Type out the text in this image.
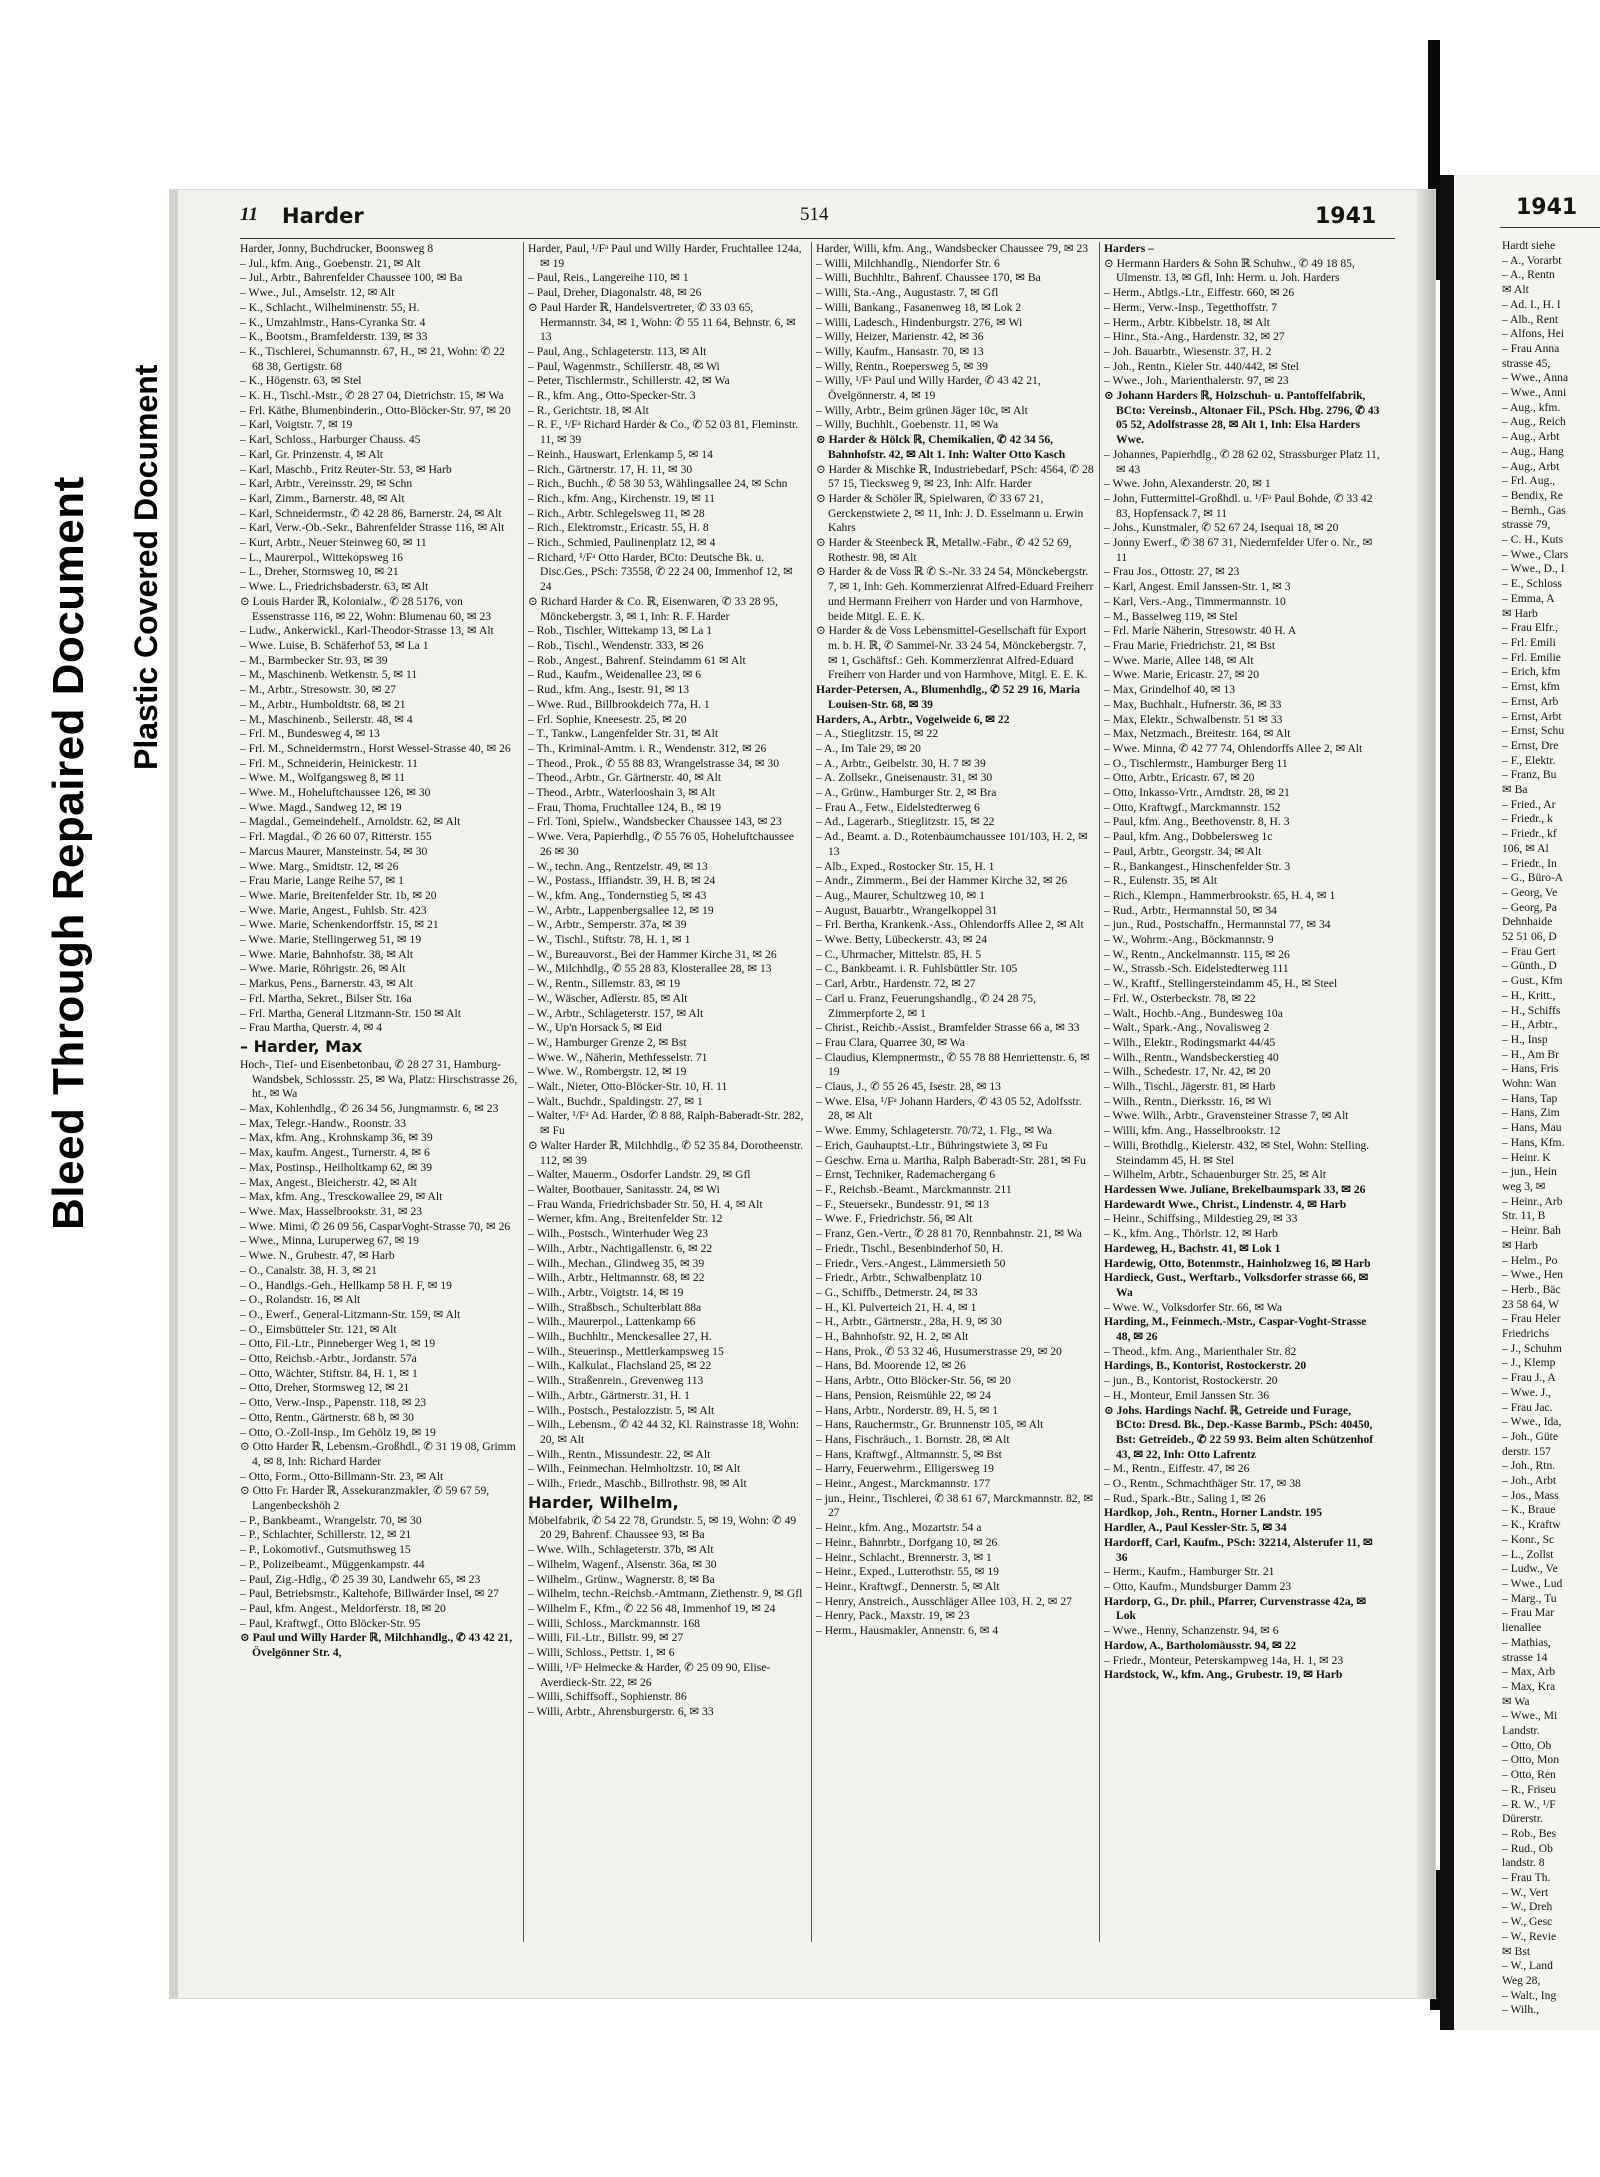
Bleed Through Repaired Document Plastic Covered Document
11 Harder	514	1941

Harder, Jonny, Buchdrucker, Boonsweg 8

– Jul., kfm. Ang., Goebenstr. 21, ✉ Alt

– Jul., Arbtr., Bahrenfelder Chaussee 100, ✉ Ba

– Wwe., Jul., Amselstr. 12, ✉ Alt

– K., Schlacht., Wilhelminenstr. 55, H.

– K., Umzahlmstr., Hans-Cyranka Str. 4

– K., Bootsm., Bramfelderstr. 139, ✉ 33

– K., Tischlerei, Schumannstr. 67, H., ✉ 21, Wohn: ✆ 22 68 38, Gertigstr. 68

– K., Högenstr. 63, ✉ Stel

– K. H., Tischl.-Mstr., ✆ 28 27 04, Dietrichstr. 15, ✉ Wa

– Frl. Käthe, Blumenbinderin., Otto-Blöcker-Str. 97, ✉ 20

– Karl, Voigtstr. 7, ✉ 19

– Karl, Schloss., Harburger Chauss. 45

– Karl, Gr. Prinzenstr. 4, ✉ Alt

– Karl, Maschb., Fritz Reuter-Str. 53, ✉ Harb

– Karl, Arbtr., Vereinsstr. 29, ✉ Schn

– Karl, Zimm., Barnerstr. 48, ✉ Alt

– Karl, Schneidermstr., ✆ 42 28 86, Barnerstr. 24, ✉ Alt

– Karl, Verw.-Ob.-Sekr., Bahrenfelder Strasse 116, ✉ Alt

– Kurt, Arbtr., Neuer Steinweg 60, ✉ 11

– L., Maurerpol., Wittekopsweg 16

– L., Dreher, Stormsweg 10, ✉ 21

– Wwe. L., Friedrichsbaderstr. 63, ✉ Alt

⊙ Louis Harder ℝ, Kolonialw., ✆ 28 5176, von Essenstrasse 116, ✉ 22, Wohn: Blumenau 60, ✉ 23

– Ludw., Ankerwickl., Karl-Theodor-Strasse 13, ✉ Alt

– Wwe. Luise, B. Schäferhof 53, ✉ La 1

– M., Barmbecker Str. 93, ✉ 39

– M., Maschinenb. Wetkenstr. 5, ✉ 11

– M., Arbtr., Stresowstr. 30, ✉ 27

– M., Arbtr., Humboldtstr. 68, ✉ 21

– M., Maschinenb., Seilerstr. 48, ✉ 4

– Frl. M., Bundesweg 4, ✉ 13

– Frl. M., Schneidermstrn., Horst Wessel-Strasse 40, ✉ 26

– Frl. M., Schneiderin, Heinickestr. 11

– Wwe. M., Wolfgangsweg 8, ✉ 11

– Wwe. M., Hoheluftchaussee 126, ✉ 30

– Wwe. Magd., Sandweg 12, ✉ 19

– Magdal., Gemeindehelf., Arnoldstr. 62, ✉ Alt

– Frl. Magdal., ✆ 26 60 07, Ritterstr. 155

– Marcus Maurer, Mansteinstr. 54, ✉ 30

– Wwe. Marg., Smidtstr. 12, ✉ 26

– Frau Marie, Lange Reihe 57, ✉ 1

– Wwe. Marie, Breitenfelder Str. 1b, ✉ 20

– Wwe. Marie, Angest., Fuhlsb. Str. 423

– Wwe. Marie, Schenkendorffstr. 15, ✉ 21

– Wwe. Marie, Stellingerweg 51, ✉ 19

– Wwe. Marie, Bahnhofstr. 38, ✉ Alt

– Wwe. Marie, Röhrigstr. 26, ✉ Alt

– Markus, Pens., Barnerstr. 43, ✉ Alt

– Frl. Martha, Sekret., Bilser Str. 16a

– Frl. Martha, General Litzmann-Str. 150 ✉ Alt

– Frau Martha, Querstr. 4, ✉ 4

– Harder, Max

Hoch-, Tief- und Eisenbetonbau, ✆ 28 27 31, Hamburg-Wandsbek, Schlossstr. 25, ✉ Wa, Platz: Hirschstrasse 26, ht., ✉ Wa

– Max, Kohlenhdlg., ✆ 26 34 56, Jungmannstr. 6, ✉ 23

– Max, Telegr.-Handw., Roonstr. 33

– Max, kfm. Ang., Krohnskamp 36, ✉ 39

– Max, kaufm. Angest., Turnerstr. 4, ✉ 6

– Max, Postinsp., Heilholtkamp 62, ✉ 39

– Max, Angest., Bleicherstr. 42, ✉ Alt

– Max, kfm. Ang., Tresckowallee 29, ✉ Alt

– Wwe. Max, Hasselbrookstr. 31, ✉ 23

– Wwe. Mimi, ✆ 26 09 56, CasparVoght-Strasse 70, ✉ 26

– Wwe., Minna, Luruperweg 67, ✉ 19

– Wwe. N., Grubestr. 47, ✉ Harb

– O., Canalstr. 38, H. 3, ✉ 21

– O., Handlgs.-Geh., Hellkamp 58 H. F, ✉ 19

– O., Rolandstr. 16, ✉ Alt

– O., Ewerf., General-Litzmann-Str. 159, ✉ Alt

– O., Eimsbütteler Str. 121, ✉ Alt

– Otto, Fil.-Ltr., Pinneberger Weg 1, ✉ 19

– Otto, Reichsb.-Arbtr., Jordanstr. 57a

– Otto, Wächter, Stiftstr. 84, H. 1, ✉ 1

– Otto, Dreher, Stormsweg 12, ✉ 21

– Otto, Verw.-Insp., Papenstr. 118, ✉ 23

– Otto, Rentn., Gärtnerstr. 68 b, ✉ 30

– Otto, O.-Zoll-Insp., Im Gehölz 19, ✉ 19

⊙ Otto Harder ℝ, Lebensm.-Großhdl., ✆ 31 19 08, Grimm 4, ✉ 8, Inh: Richard Harder

– Otto, Form., Otto-Billmann-Str. 23, ✉ Alt

⊙ Otto Fr. Harder ℝ, Assekuranzmakler, ✆ 59 67 59, Langenbeckshöh 2

– P., Bankbeamt., Wrangelstr. 70, ✉ 30

– P., Schlachter, Schillerstr. 12, ✉ 21

– P., Lokomotivf., Gutsmuthsweg 15

– P., Polizeibeamt., Müggenkampstr. 44

– Paul, Zig.-Hdlg., ✆ 25 39 30, Landwehr 65, ✉ 23

– Paul, Betriebsmstr., Kaltehofe, Billwärder Insel, ✉ 27

– Paul, kfm. Angest., Meldorferstr. 18, ✉ 20

– Paul, Kraftwgf., Otto Blöcker-Str. 95

⊙ Paul und Willy Harder ℝ, Milchhandlg., ✆ 43 42 21, Övelgönner Str. 4,

Harder, Paul, ¹/Fᵃ Paul und Willy Harder, Fruchtallee 124a, ✉ 19

– Paul, Reis., Langereihe 110, ✉ 1

– Paul, Dreher, Diagonalstr. 48, ✉ 26

⊙ Paul Harder ℝ, Handelsvertreter, ✆ 33 03 65, Hermannstr. 34, ✉ 1, Wohn: ✆ 55 11 64, Behnstr. 6, ✉ 13

– Paul, Ang., Schlageterstr. 113, ✉ Alt

– Paul, Wagenmstr., Schillerstr. 48, ✉ Wi

– Peter, Tischlermstr., Schillerstr. 42, ✉ Wa

– R., kfm. Ang., Otto-Specker-Str. 3

– R., Gerichtstr. 18, ✉ Alt

– R. F., ¹/Fᵃ Richard Harder & Co., ✆ 52 03 81, Fleminstr. 11, ✉ 39

– Reinh., Hauswart, Erlenkamp 5, ✉ 14

– Rich., Gärtnerstr. 17, H. 11, ✉ 30

– Rich., Buchh., ✆ 58 30 53, Wählingsallee 24, ✉ Schn

– Rich., kfm. Ang., Kirchenstr. 19, ✉ 11

– Rich., Arbtr. Schlegelsweg 11, ✉ 28

– Rich., Elektromstr., Ericastr. 55, H. 8

– Rich., Schmied, Paulinenplatz 12, ✉ 4

– Richard, ¹/Fᵃ Otto Harder, BCto: Deutsche Bk. u. Disc.Ges., PSch: 73558, ✆ 22 24 00, Immenhof 12, ✉ 24

⊙ Richard Harder & Co. ℝ, Eisenwaren, ✆ 33 28 95, Mönckebergstr. 3, ✉ 1, Inh: R. F. Harder

– Rob., Tischler, Wittekamp 13, ✉ La 1

– Rob., Tischl., Wendenstr. 333, ✉ 26

– Rob., Angest., Bahrenf. Steindamm 61 ✉ Alt

– Rud., Kaufm., Weidenallee 23, ✉ 6

– Rud., kfm. Ang., Isestr. 91, ✉ 13

– Wwe. Rud., Billbrookdeich 77a, H. 1

– Frl. Sophie, Kneesestr. 25, ✉ 20

– T., Tankw., Langenfelder Str. 31, ✉ Alt

– Th., Kriminal-Amtm. i. R., Wendenstr. 312, ✉ 26

– Theod., Prok., ✆ 55 88 83, Wrangelstrasse 34, ✉ 30

– Theod., Arbtr., Gr. Gärtnerstr. 40, ✉ Alt

– Theod., Arbtr., Waterlooshain 3, ✉ Alt

– Frau, Thoma, Fruchtallee 124, B., ✉ 19

– Frl. Toni, Spielw., Wandsbecker Chaussee 143, ✉ 23

– Wwe. Vera, Papierhdlg., ✆ 55 76 05, Hoheluftchaussee 26 ✉ 30

– W., techn. Ang., Rentzelstr. 49, ✉ 13

– W., Postass., Iffiandstr. 39, H. B, ✉ 24

– W., kfm. Ang., Tondernstieg 5, ✉ 43

– W., Arbtr., Lappenbergsallee 12, ✉ 19

– W., Arbtr., Semperstr. 37a, ✉ 39

– W., Tischl., Stiftstr. 78, H. 1, ✉ 1

– W., Bureauvorst., Bei der Hammer Kirche 31, ✉ 26

– W., Milchhdlg., ✆ 55 28 83, Klosterallee 28, ✉ 13

– W., Rentn., Sillemstr. 83, ✉ 19

– W., Wäscher, Adlerstr. 85, ✉ Alt

– W., Arbtr., Schlageterstr. 157, ✉ Alt

– W., Up'n Horsack 5, ✉ Eid

– W., Hamburger Grenze 2, ✉ Bst

– Wwe. W., Näherin, Methfesselstr. 71

– Wwe. W., Rombergstr. 12, ✉ 19

– Walt., Nieter, Otto-Blöcker-Str. 10, H. 11

– Walt., Buchdr., Spaldingstr. 27, ✉ 1

– Walter, ¹/Fᵃ Ad. Harder, ✆ 8 88, Ralph-Baberadt-Str. 282, ✉ Fu

⊙ Walter Harder ℝ, Milchhdlg., ✆ 52 35 84, Dorotheenstr. 112, ✉ 39

– Walter, Mauerm., Osdorfer Landstr. 29, ✉ Gfl

– Walter, Bootbauer, Sanitasstr. 24, ✉ Wi

– Frau Wanda, Friedrichsbader Str. 50, H. 4, ✉ Alt

– Werner, kfm. Ang., Breitenfelder Str. 12

– Wilh., Postsch., Winterhuder Weg 23

– Wilh., Arbtr., Nachtigallenstr. 6, ✉ 22

– Wilh., Mechan., Glindweg 35, ✉ 39

– Wilh., Arbtr., Heltmannstr. 68, ✉ 22

– Wilh., Arbtr., Voigtstr. 14, ✉ 19

– Wilh., Straßbsch., Schulterblatt 88a

– Wilh., Maurerpol., Lattenkamp 66

– Wilh., Buchhltr., Menckesallee 27, H.

– Wilh., Steuerinsp., Mettlerkampsweg 15

– Wilh., Kalkulat., Flachsland 25, ✉ 22

– Wilh., Straßenrein., Grevenweg 113

– Wilh., Arbtr., Gärtnerstr. 31, H. 1

– Wilh., Postsch., Pestalozzistr. 5, ✉ Alt

– Wilh., Lebensm., ✆ 42 44 32, Kl. Rainstrasse 18, Wohn: 20, ✉ Alt

– Wilh., Rentn., Missundestr. 22, ✉ Alt

– Wilh., Feinmechan. Helmholtzstr. 10, ✉ Alt

– Wilh., Friedr., Maschb., Billrothstr. 98, ✉ Alt

Harder, Wilhelm,

Möbelfabrik, ✆ 54 22 78, Grundstr. 5, ✉ 19, Wohn: ✆ 49 20 29, Bahrenf. Chaussee 93, ✉ Ba

– Wwe. Wilh., Schlageterstr. 37b, ✉ Alt

– Wilhelm, Wagenf., Alsenstr. 36a, ✉ 30

– Wilhelm., Grünw., Wagnerstr. 8, ✉ Ba

– Wilhelm, techn.-Reichsb.-Amtmann, Ziethenstr. 9, ✉ Gfl

– Wilhelm F., Kfm., ✆ 22 56 48, Immenhof 19, ✉ 24

– Willi, Schloss., Marckmannstr. 168

– Willi, Fil.-Ltr., Billstr. 99, ✉ 27

– Willi, Schloss., Pettstr. 1, ✉ 6

– Willi, ¹/Fᵃ Helmecke & Harder, ✆ 25 09 90, Elise-Averdieck-Str. 22, ✉ 26

– Willi, Schiffsoff., Sophienstr. 86

– Willi, Arbtr., Ahrensburgerstr. 6, ✉ 33

Harder, Willi, kfm. Ang., Wandsbecker Chaussee 79, ✉ 23

– Willi, Milchhandlg., Niendorfer Str. 6

– Willi, Buchhltr., Bahrenf. Chaussee 170, ✉ Ba

– Willi, Sta.-Ang., Augustastr. 7, ✉ Gfl

– Willi, Bankang., Fasanenweg 18, ✉ Lok 2

– Willi, Ladesch., Hindenburgstr. 276, ✉ Wi

– Willy, Heizer, Marienstr. 42, ✉ 36

– Willy, Kaufm., Hansastr. 70, ✉ 13

– Willy, Rentn., Roepersweg 5, ✉ 39

– Willy, ¹/Fᵃ Paul und Willy Harder, ✆ 43 42 21, Övelgönnerstr. 4, ✉ 19

– Willy, Arbtr., Beim grünen Jäger 10c, ✉ Alt

– Willy, Buchhlt., Goebenstr. 11, ✉ Wa

⊙ Harder & Hölck ℝ, Chemikalien, ✆ 42 34 56, Bahnhofstr. 42, ✉ Alt 1. Inh: Walter Otto Kasch

⊙ Harder & Mischke ℝ, Industriebedarf, PSch: 4564, ✆ 28 57 15, Tiecksweg 9, ✉ 23, Inh: Alfr. Harder

⊙ Harder & Schöler ℝ, Spielwaren, ✆ 33 67 21, Gerckenstwiete 2, ✉ 11, Inh: J. D. Esselmann u. Erwin Kahrs

⊙ Harder & Steenbeck ℝ, Metallw.-Fabr., ✆ 42 52 69, Rothestr. 98, ✉ Alt

⊙ Harder & de Voss ℝ ✆ S.-Nr. 33 24 54, Mönckebergstr. 7, ✉ 1, Inh: Geh. Kommerzienrat Alfred-Eduard Freiherr und Hermann Freiherr von Harder und von Harmhove, beide Mitgl. E. E. K.

⊙ Harder & de Voss Lebensmittel-Gesellschaft für Export m. b. H. ℝ, ✆ Sammel-Nr. 33 24 54, Mönckebergstr. 7, ✉ 1, Gschäftsf.: Geh. Kommerzienrat Alfred-Eduard Freiherr von Harder und von Harmhove, Mitgl. E. E. K.

Harder-Petersen, A., Blumenhdlg., ✆ 52 29 16, Maria Louisen-Str. 68, ✉ 39

Harders, A., Arbtr., Vogelweide 6, ✉ 22

– A., Stieglitzstr. 15, ✉ 22

– A., Im Tale 29, ✉ 20

– A., Arbtr., Geibelstr. 30, H. 7 ✉ 39

– A. Zollsekr., Gneisenaustr. 31, ✉ 30

– A., Grünw., Hamburger Str. 2, ✉ Bra

– Frau A., Fetw., Eidelstedterweg 6

– Ad., Lagerarb., Stieglitzstr. 15, ✉ 22

– Ad., Beamt. a. D., Rotenbaumchaussee 101/103, H. 2, ✉ 13

– Alb., Exped., Rostocker Str. 15, H. 1

– Andr., Zimmerm., Bei der Hammer Kirche 32, ✉ 26

– Aug., Maurer, Schultzweg 10, ✉ 1

– August, Bauarbtr., Wrangelkoppel 31

– Frl. Bertha, Krankenk.-Ass., Ohlendorffs Allee 2, ✉ Alt

– Wwe. Betty, Lübeckerstr. 43, ✉ 24

– C., Uhrmacher, Mittelstr. 85, H. 5

– C., Bankbeamt. i. R. Fuhlsbüttler Str. 105

– Carl, Arbtr., Hardenstr. 72, ✉ 27

– Carl u. Franz, Feuerungshandlg., ✆ 24 28 75, Zimmerpforte 2, ✉ 1

– Christ., Reichb.-Assist., Bramfelder Strasse 66 a, ✉ 33

– Frau Clara, Quarree 30, ✉ Wa

– Claudius, Klempnermstr., ✆ 55 78 88 Henriettenstr. 6, ✉ 19

– Claus, J., ✆ 55 26 45, Isestr. 28, ✉ 13

– Wwe. Elsa, ¹/Fᵃ Johann Harders, ✆ 43 05 52, Adolfsstr. 28, ✉ Alt

– Wwe. Emmy, Schlageterstr. 70/72, 1. Flg., ✉ Wa

– Erich, Gauhauptst.-Ltr., Bühringstwiete 3, ✉ Fu

– Geschw. Erna u. Martha, Ralph Baberadt-Str. 281, ✉ Fu

– Ernst, Techniker, Rademachergang 6

– F., Reichsb.-Beamt., Marckmannstr. 211

– F., Steuersekr., Bundesstr. 91, ✉ 13

– Wwe. F., Friedrichstr. 56, ✉ Alt

– Franz, Gen.-Vertr., ✆ 28 81 70, Rennbahnstr. 21, ✉ Wa

– Friedr., Tischl., Besenbinderhof 50, H.

– Friedr., Vers.-Angest., Lämmersieth 50

– Friedr., Arbtr., Schwalbenplatz 10

– G., Schiffb., Detmerstr. 24, ✉ 33

– H., Kl. Pulverteich 21, H. 4, ✉ 1

– H., Arbtr., Gärtnerstr., 28a, H. 9, ✉ 30

– H., Bahnhofstr. 92, H. 2, ✉ Alt

– Hans, Prok., ✆ 53 32 46, Husumerstrasse 29, ✉ 20

– Hans, Bd. Moorende 12, ✉ 26

– Hans, Arbtr., Otto Blöcker-Str. 56, ✉ 20

– Hans, Pension, Reismühle 22, ✉ 24

– Hans, Arbtr., Norderstr. 89, H. 5, ✉ 1

– Hans, Rauchermstr., Gr. Brunnenstr 105, ✉ Alt

– Hans, Fischräuch., 1. Bornstr. 28, ✉ Alt

– Hans, Kraftwgf., Altmannstr. 5, ✉ Bst

– Harry, Feuerwehrm., Elligersweg 19

– Heinr., Angest., Marckmannstr. 177

– jun., Heinr., Tischlerei, ✆ 38 61 67, Marckmannstr. 82, ✉ 27

– Heinr., kfm. Ang., Mozartstr. 54 a

– Heinr., Bahnrbtr., Dorfgang 10, ✉ 26

– Heinr., Schlacht., Brennerstr. 3, ✉ 1

– Heinr., Exped., Lutterothstr. 55, ✉ 19

– Heinr., Kraftwgf., Dennerstr. 5, ✉ Alt

– Henry, Anstreich., Ausschläger Allee 103, H. 2, ✉ 27

– Henry, Pack., Maxstr. 19, ✉ 23

– Herm., Hausmakler, Annenstr. 6, ✉ 4

Harders –

⊙ Hermann Harders & Sohn ℝ Schuhw., ✆ 49 18 85, Ulmenstr. 13, ✉ Gfl, Inh: Herm. u. Joh. Harders

– Herm., Abtlgs.-Ltr., Eiffestr. 660, ✉ 26

– Herm., Verw.-Insp., Tegetthoffstr. 7

– Herm., Arbtr. Kibbelstr. 18, ✉ Alt

– Hinr., Sta.-Ang., Hardenstr. 32, ✉ 27

– Joh. Bauarbtr., Wiesenstr. 37, H. 2

– Joh., Rentn., Kieler Str. 440/442, ✉ Stel

– Wwe., Joh., Marienthalerstr. 97, ✉ 23

⊙ Johann Harders ℝ, Holzschuh- u. Pantoffelfabrik, BCto: Vereinsb., Altonaer Fil., PSch. Hbg. 2796, ✆ 43 05 52, Adolfstrasse 28, ✉ Alt 1, Inh: Elsa Harders Wwe.

– Johannes, Papierhdlg., ✆ 28 62 02, Strassburger Platz 11, ✉ 43

– Wwe. John, Alexanderstr. 20, ✉ 1

– John, Futtermittel-Großhdl. u. ¹/Fᵃ Paul Bohde, ✆ 33 42 83, Hopfensack 7, ✉ 11

– Johs., Kunstmaler, ✆ 52 67 24, Isequai 18, ✉ 20

– Jonny Ewerf., ✆ 38 67 31, Niedernfelder Ufer o. Nr., ✉ 11

– Frau Jos., Ottostr. 27, ✉ 23

– Karl, Angest. Emil Janssen-Str. 1, ✉ 3

– Karl, Vers.-Ang., Timmermannstr. 10

– M., Basselweg 119, ✉ Stel

– Frl. Marie Näherin, Stresowstr. 40 H. A

– Frau Marie, Friedrichstr. 21, ✉ Bst

– Wwe. Marie, Allee 148, ✉ Alt

– Wwe. Marie, Ericastr. 27, ✉ 20

– Max, Grindelhof 40, ✉ 13

– Max, Buchhalt., Hufnerstr. 36, ✉ 33

– Max, Elektr., Schwalbenstr. 51 ✉ 33

– Max, Netzmach., Breitestr. 164, ✉ Alt

– Wwe. Minna, ✆ 42 77 74, Ohlendorffs Allee 2, ✉ Alt

– O., Tischlermstr., Hamburger Berg 11

– Otto, Arbtr., Ericastr. 67, ✉ 20

– Otto, Inkasso-Vrtr., Arndtstr. 28, ✉ 21

– Otto, Kraftwgf., Marckmannstr. 152

– Paul, kfm. Ang., Beethovenstr. 8, H. 3

– Paul, kfm. Ang., Dobbelersweg 1c

– Paul, Arbtr., Georgstr. 34, ✉ Alt

– R., Bankangest., Hinschenfelder Str. 3

– R., Eulenstr. 35, ✉ Alt

– Rich., Klempn., Hammerbrookstr. 65, H. 4, ✉ 1

– Rud., Arbtr., Hermannstal 50, ✉ 34

– jun., Rud., Postschaffn., Hermannstal 77, ✉ 34

– W., Wohrm.-Ang., Böckmannstr. 9

– W., Rentn., Anckelmannstr. 115, ✉ 26

– W., Strassb.-Sch. Eidelstedterweg 111

– W., Kraftf., Stellingersteindamm 45, H., ✉ Steel

– Frl. W., Osterbeckstr. 78, ✉ 22

– Walt., Hochb.-Ang., Bundesweg 10a

– Walt., Spark.-Ang., Novalisweg 2

– Wilh., Elektr., Rodingsmarkt 44/45

– Wilh., Rentn., Wandsbeckerstieg 40

– Wilh., Schedestr. 17, Nr. 42, ✉ 20

– Wilh., Tischl., Jägerstr. 81, ✉ Harb

– Wilh., Rentn., Dierksstr. 16, ✉ Wi

– Wwe. Wilh., Arbtr., Gravensteiner Strasse 7, ✉ Alt

– Willi, kfm. Ang., Hasselbrookstr. 12

– Willi, Brothdlg., Kielerstr. 432, ✉ Stel, Wohn: Stelling. Steindamm 45, H. ✉ Stel

– Wilhelm, Arbtr., Schauenburger Str. 25, ✉ Alt

Hardessen Wwe. Juliane, Brekelbaumspark 33, ✉ 26

Hardewardt Wwe., Christ., Lindenstr. 4, ✉ Harb

– Heinr., Schiffsing., Mildestieg 29, ✉ 33

– K., kfm. Ang., Thörlstr. 12, ✉ Harb

Hardeweg, H., Bachstr. 41, ✉ Lok 1

Hardewig, Otto, Botenmstr., Hainholzweg 16, ✉ Harb

Hardieck, Gust., Werftarb., Volksdorfer strasse 66, ✉ Wa

– Wwe. W., Volksdorfer Str. 66, ✉ Wa

Harding, M., Feinmech.-Mstr., Caspar-Voght-Strasse 48, ✉ 26

– Theod., kfm. Ang., Marienthaler Str. 82

Hardings, B., Kontorist, Rostockerstr. 20

– jun., B., Kontorist, Rostockerstr. 20

– H., Monteur, Emil Janssen Str. 36

⊙ Johs. Hardings Nachf. ℝ, Getreide und Furage, BCto: Dresd. Bk., Dep.-Kasse Barmb., PSch: 40450, Bst: Getreideb., ✆ 22 59 93. Beim alten Schützenhof 43, ✉ 22, Inh: Otto Lafrentz

– M., Rentn., Eiffestr. 47, ✉ 26

– O., Rentn., Schmachthäger Str. 17, ✉ 38

– Rud., Spark.-Btr., Saling 1, ✉ 26

Hardkop, Joh., Rentn., Horner Landstr. 195

Hardler, A., Paul Kessler-Str. 5, ✉ 34

Hardorff, Carl, Kaufm., PSch: 32214, Alsterufer 11, ✉ 36

– Herm., Kaufm., Hamburger Str. 21

– Otto, Kaufm., Mundsburger Damm 23

Hardorp, G., Dr. phil., Pfarrer, Curvenstrasse 42a, ✉ Lok

– Wwe., Henny, Schanzenstr. 94, ✉ 6

Hardow, A., Bartholomäusstr. 94, ✉ 22

– Friedr., Monteur, Peterskampweg 14a, H. 1, ✉ 23

Hardstock, W., kfm. Ang., Grubestr. 19, ✉ Harb

1941

Hardt siehe

– A., Vorarbt

– A., Rentn

✉ Alt

– Ad. I., H. I

– Alb., Rent

– Alfons, Hei

– Frau Anna

strasse 45,

– Wwe., Anna

– Wwe., Anni

– Aug., kfm.

– Aug., Reich

– Aug., Arbt

– Aug., Hang

– Aug., Arbt

– Frl. Aug.,

– Bendix, Re

– Bernh., Gas

strasse 79,

– C. H., Kuts

– Wwe., Clars

– Wwe., D., I

– E., Schloss

– Emma, A

✉ Harb

– Frau Elfr.,

– Frl. Emili

– Frl. Emilie

– Erich, kfm

– Ernst, kfm

– Ernst, Arb

– Ernst, Arbt

– Ernst, Schu

– Ernst, Dre

– F., Elektr.

– Franz, Bu

✉ Ba

– Fried., Ar

– Friedr., k

– Friedr., kf

106, ✉ Al

– Friedr., In

– G., Büro-A

– Georg, Ve

– Georg, Pa

Dehnhaide

52 51 06, D

– Frau Gert

– Günth., D

– Gust., Kfm

– H., Kritt.,

– H., Schiffs

– H., Arbtr.,

– H., Insp

– H., Am Br

– Hans, Fris

Wohn: Wan

– Hans, Tap

– Hans, Zim

– Hans, Mau

– Hans, Kfm.

– Heinr. K

– jun., Hein

weg 3, ✉

– Heinr., Arb

Str. 11, B

– Heinr. Bah

✉ Harb

– Helm., Po

– Wwe., Hen

– Herb., Bäc

23 58 64, W

– Frau Heler

Friedrichs

– J., Schuhm

– J., Klemp

– Frau J., A

– Wwe. J.,

– Frau Jac.

– Wwe., Ida,

– Joh., Güte

derstr. 157

– Joh., Rtn.

– Joh., Arbt

– Jos., Mass

– K., Braue

– K., Kraftw

– Konr., Sc

– L., Zollst

– Ludw., Ve

– Wwe., Lud

– Marg., Tu

– Frau Mar

lienallee

– Mathias,

strasse 14

– Max, Arb

– Max, Kra

✉ Wa

– Wwe., Mi

Landstr.

– Otto, Ob

– Otto, Mon

– Otto, Ren

– R., Friseu

– R. W., ¹/F

Dürerstr.

– Rob., Bes

– Rud., Ob

landstr. 8

– Frau Th.

– W., Vert

– W., Dreh

– W., Gesc

– W., Revie

✉ Bst

– W., Land

Weg 28,

– Walt., Ing

– Wilh.,
